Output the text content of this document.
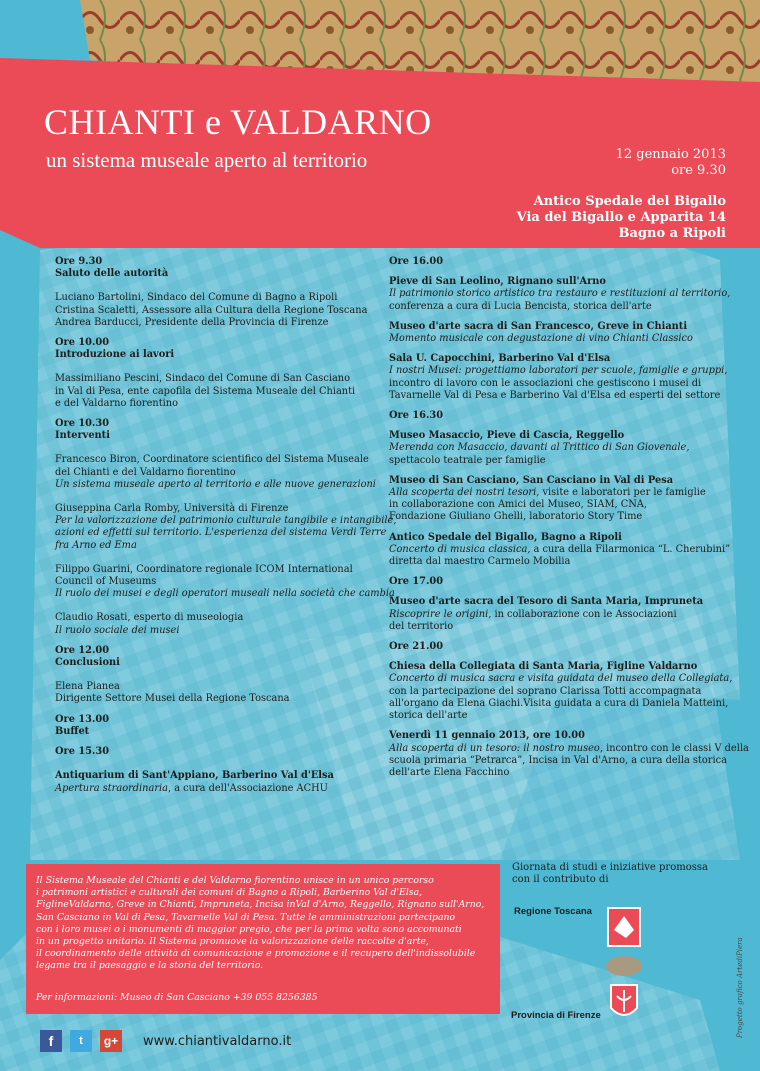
CHIANTI e VALDARNO
un sistema museale aperto al territorio	12 gennaio 2013
ore 9.30
Antico Spedale del Bigallo
Via del Bigallo e Apparita 14
Bagno a Ripoli
Ore 9.30
Saluto delle autorità
Luciano Bartolini, Sindaco del Comune di Bagno a Ripoli
Cristina Scaletti, Assessore alla Cultura della Regione Toscana
Andrea Barducci, Presidente della Provincia di Firenze
Ore 10.00
Introduzione ai lavori
Massimiliano Pescini, Sindaco del Comune di San Casciano
in Val di Pesa, ente capofila del Sistema Museale del Chianti
e del Valdarno fiorentino
Ore 10.30
Interventi
Francesco Biron, Coordinatore scientifico del Sistema Museale
del Chianti e del Valdarno fiorentino
Un sistema museale aperto al territorio e alle nuove generazioni
Giuseppina Carla Romby, Università di Firenze
Per la valorizzazione del patrimonio culturale tangibile e intangibile,
azioni ed effetti sul territorio. L'esperienza del sistema Verdi Terre
fra Arno ed Ema
Filippo Guarini, Coordinatore regionale ICOM International
Council of Museums
Il ruolo dei musei e degli operatori museali nella società che cambia
Claudio Rosati, esperto di museologia
Il ruolo sociale dei musei
Ore 12.00
Conclusioni
Elena Pianea
Dirigente Settore Musei della Regione Toscana
Ore 13.00
Buffet
Ore 15.30
Antiquarium di Sant'Appiano, Barberino Val d'Elsa
Apertura straordinaria, a cura dell'Associazione ACHU
Ore 16.00
Pieve di San Leolino, Rignano sull'Arno
Il patrimonio storico artistico tra restauro e restituzioni al territorio,
conferenza a cura di Lucia Bencista, storica dell'arte
Museo d'arte sacra di San Francesco, Greve in Chianti
Momento musicale con degustazione di vino Chianti Classico
Sala U. Capocchini, Barberino Val d'Elsa
I nostri Musei: progettiamo laboratori per scuole, famiglie e gruppi,
incontro di lavoro con le associazioni che gestiscono i musei di
Tavarnelle Val di Pesa e Barberino Val d'Elsa ed esperti del settore
Ore 16.30
Museo Masaccio, Pieve di Cascia, Reggello
Merenda con Masaccio, davanti al Trittico di San Giovenale,
spettacolo teatrale per famiglie
Museo di San Casciano, San Casciano in Val di Pesa
Alla scoperta dei nostri tesori, visite e laboratori per le famiglie
in collaborazione con Amici del Museo, SIAM, CNA,
Fondazione Giuliano Ghelli, laboratorio Story Time
Antico Spedale del Bigallo, Bagno a Ripoli
Concerto di musica classica, a cura della Filarmonica “L. Cherubini”
diretta dal maestro Carmelo Mobilia
Ore 17.00
Museo d'arte sacra del Tesoro di Santa Maria, Impruneta
Riscoprire le origini, in collaborazione con le Associazioni
del territorio
Ore 21.00
Chiesa della Collegiata di Santa Maria, Figline Valdarno
Concerto di musica sacra e visita guidata del museo della Collegiata,
con la partecipazione del soprano Clarissa Totti accompagnata
all'organo da Elena Giachi.Visita guidata a cura di Daniela Matteini,
storica dell'arte
Venerdì 11 gennaio 2013, ore 10.00
Alla scoperta di un tesoro: il nostro museo, incontro con le classi V della
scuola primaria “Petrarca”, Incisa in Val d'Arno, a cura della storica
dell'arte Elena Facchino
Il Sistema Museale del Chianti e del Valdarno fiorentino unisce in un unico percorso
i patrimoni artistici e culturali dei comuni di Bagno a Ripoli, Barberino Val d'Elsa,
FiglineValdarno, Greve in Chianti, Impruneta, Incisa inVal d'Arno, Reggello, Rignano sull'Arno,
San Casciano in Val di Pesa, Tavarnelle Val di Pesa. Tutte le amministrazioni partecipano
con i loro musei o i monumenti di maggior pregio, che per la prima volta sono accomunati
in un progetto unitario. Il Sistema promuove la valorizzazione delle raccolte d'arte,
il coordinamento delle attività di comunicazione e promozione e il recupero dell'indissolubile
legame tra il paesaggio e la storia del territorio.
Per informazioni: Museo di San Casciano +39 055 8256385
Giornata di studi e iniziative promossa
con il contributo di
Regione Toscana
Provincia di Firenze	Progetto grafico ArtediPiera
f	t	g+ www.chiantivaldarno.it
